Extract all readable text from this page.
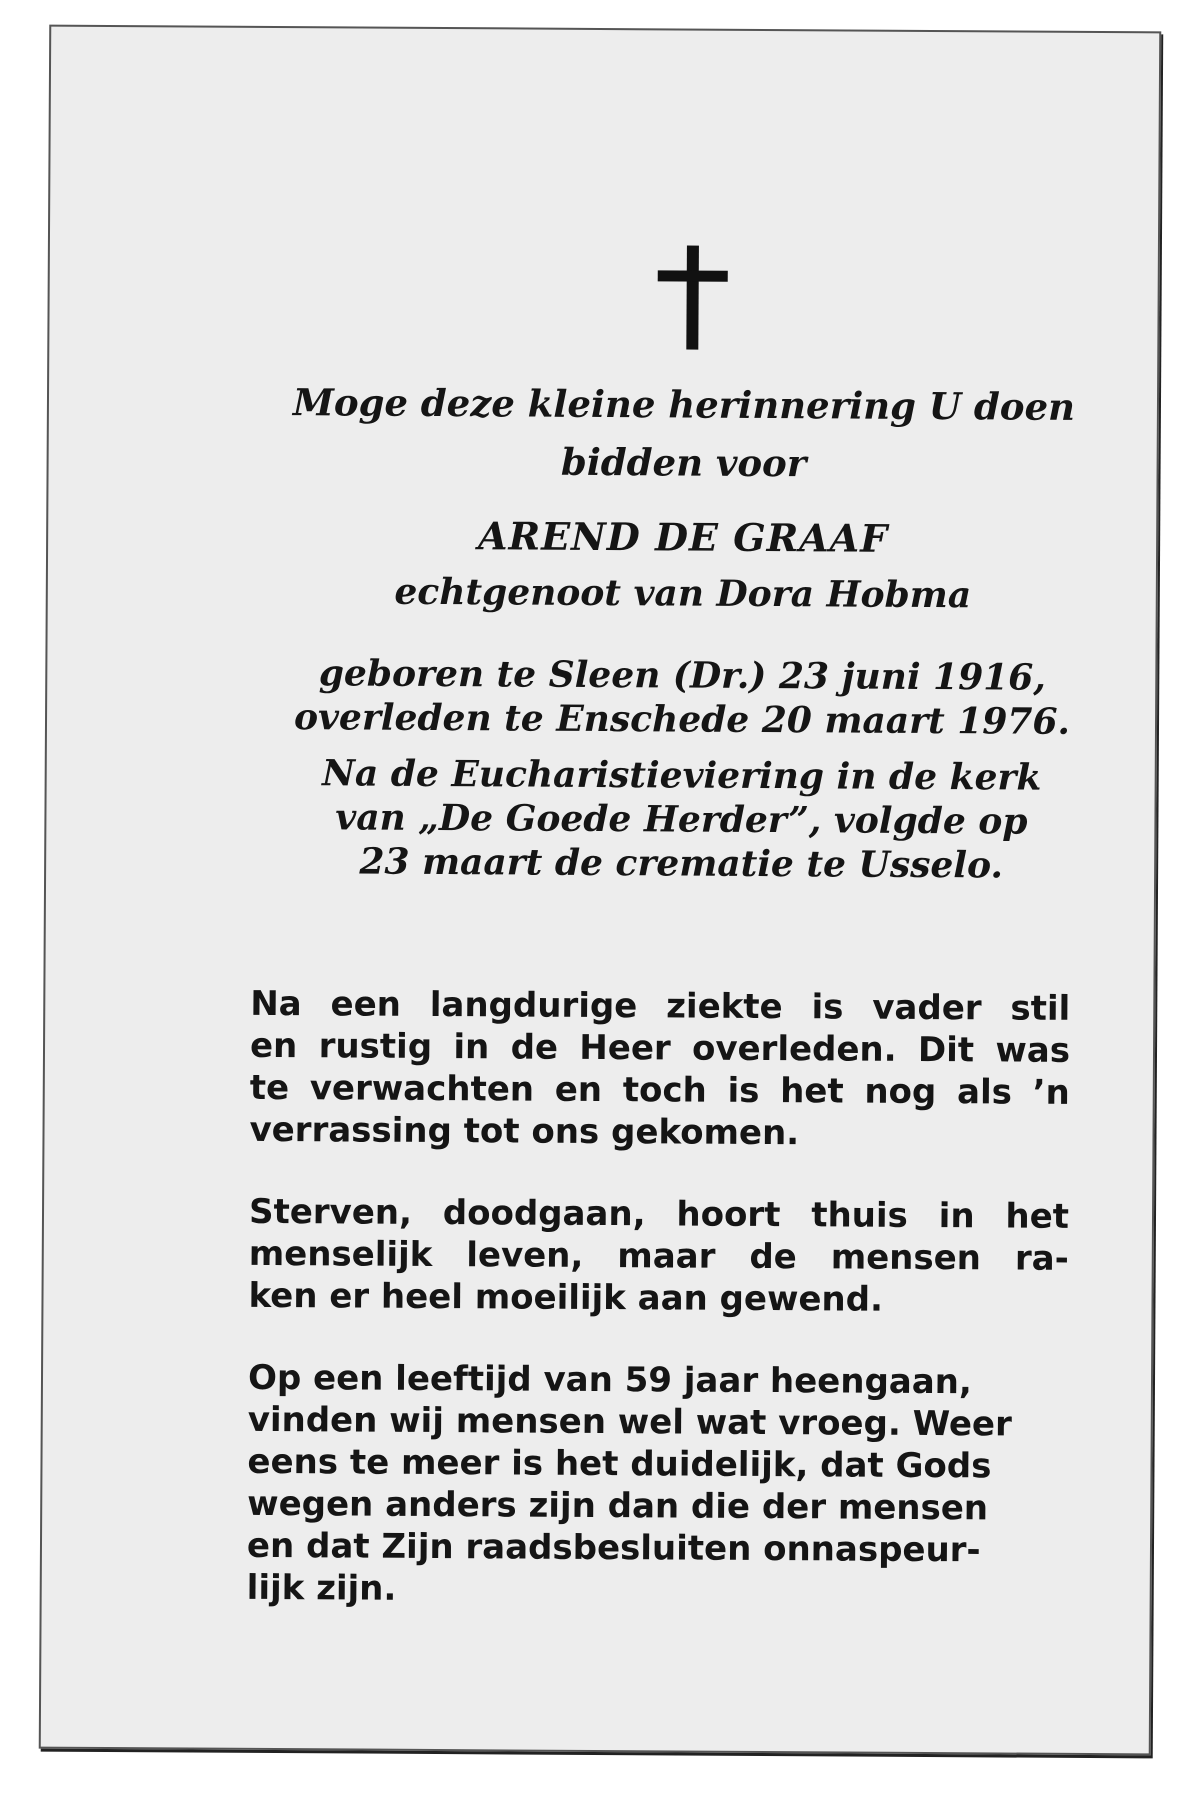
Moge deze kleine herinnering U doen
bidden voor
AREND DE GRAAF
echtgenoot van Dora Hobma
geboren te Sleen (Dr.) 23 juni 1916,
overleden te Enschede 20 maart 1976.
Na de Eucharistieviering in de kerk
van „De Goede Herder”, volgde op
23 maart de crematie te Usselo.

Na een langdurige ziekte is vader stil
en rustig in de Heer overleden. Dit was
te verwachten en toch is het nog als ’n
verrassing tot ons gekomen.

Sterven, doodgaan, hoort thuis in het
menselijk leven, maar de mensen ra-
ken er heel moeilijk aan gewend.

Op een leeftijd van 59 jaar heengaan,
vinden wij mensen wel wat vroeg. Weer
eens te meer is het duidelijk, dat Gods
wegen anders zijn dan die der mensen
en dat Zijn raadsbesluiten onnaspeur-
lijk zijn.
